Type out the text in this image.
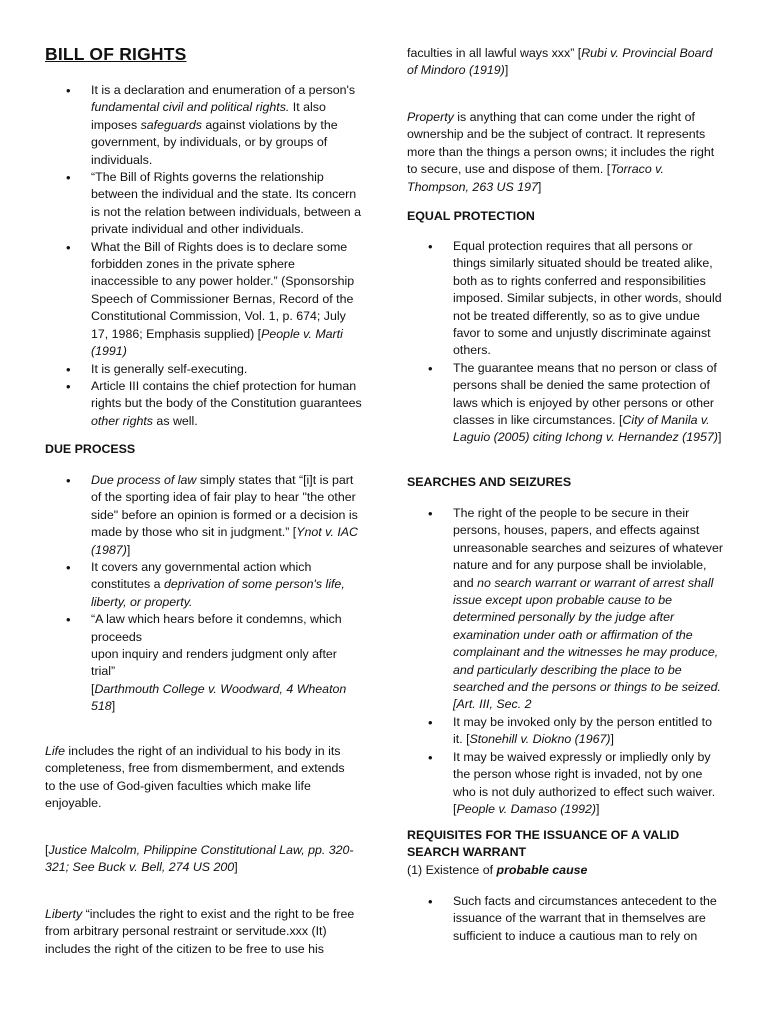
BILL OF RIGHTS
• It is a declaration and enumeration of a person's fundamental civil and political rights. It also imposes safeguards against violations by the government, by individuals, or by groups of individuals.
• “The Bill of Rights governs the relationship between the individual and the state. Its concern is not the relation between individuals, between a private individual and other individuals.
• What the Bill of Rights does is to declare some forbidden zones in the private sphere inaccessible to any power holder.” (Sponsorship Speech of Commissioner Bernas, Record of the Constitutional Commission, Vol. 1, p. 674; July 17, 1986; Emphasis supplied) [People v. Marti (1991)
• It is generally self-executing.
• Article III contains the chief protection for human rights but the body of the Constitution guarantees other rights as well.
DUE PROCESS
• Due process of law simply states that “[i]t is part of the sporting idea of fair play to hear "the other side" before an opinion is formed or a decision is made by those who sit in judgment.” [Ynot v. IAC (1987)]
• It covers any governmental action which constitutes a deprivation of some person's life, liberty, or property.
• “A law which hears before it condemns, which proceeds
upon inquiry and renders judgment only after trial”
[Darthmouth College v. Woodward, 4 Wheaton 518]

Life includes the right of an individual to his body in its completeness, free from dismemberment, and extends to the use of God-given faculties which make life enjoyable.

[Justice Malcolm, Philippine Constitutional Law, pp. 320-321; See Buck v. Bell, 274 US 200]

Liberty “includes the right to exist and the right to be free from arbitrary personal restraint or servitude.xxx (It) includes the right of the citizen to be free to use his

faculties in all lawful ways xxx” [Rubi v. Provincial Board of Mindoro (1919)]

Property is anything that can come under the right of ownership and be the subject of contract. It represents more than the things a person owns; it includes the right to secure, use and dispose of them. [Torraco v. Thompson, 263 US 197]

EQUAL PROTECTION
• Equal protection requires that all persons or things similarly situated should be treated alike, both as to rights conferred and responsibilities imposed. Similar subjects, in other words, should not be treated differently, so as to give undue favor to some and unjustly discriminate against others.
• The guarantee means that no person or class of persons shall be denied the same protection of laws which is enjoyed by other persons or other classes in like circumstances. [City of Manila v. Laguio (2005) citing Ichong v. Hernandez (1957)]
SEARCHES AND SEIZURES
• The right of the people to be secure in their persons, houses, papers, and effects against unreasonable searches and seizures of whatever nature and for any purpose shall be inviolable, and no search warrant or warrant of arrest shall issue except upon probable cause to be determined personally by the judge after examination under oath or affirmation of the complainant and the witnesses he may produce, and particularly describing the place to be searched and the persons or things to be seized. [Art. III, Sec. 2
• It may be invoked only by the person entitled to it. [Stonehill v. Diokno (1967)]
• It may be waived expressly or impliedly only by the person whose right is invaded, not by one who is not duly authorized to effect such waiver. [People v. Damaso (1992)]
REQUISITES FOR THE ISSUANCE OF A VALID SEARCH WARRANT

(1) Existence of probable cause

• Such facts and circumstances antecedent to the issuance of the warrant that in themselves are sufficient to induce a cautious man to rely on
